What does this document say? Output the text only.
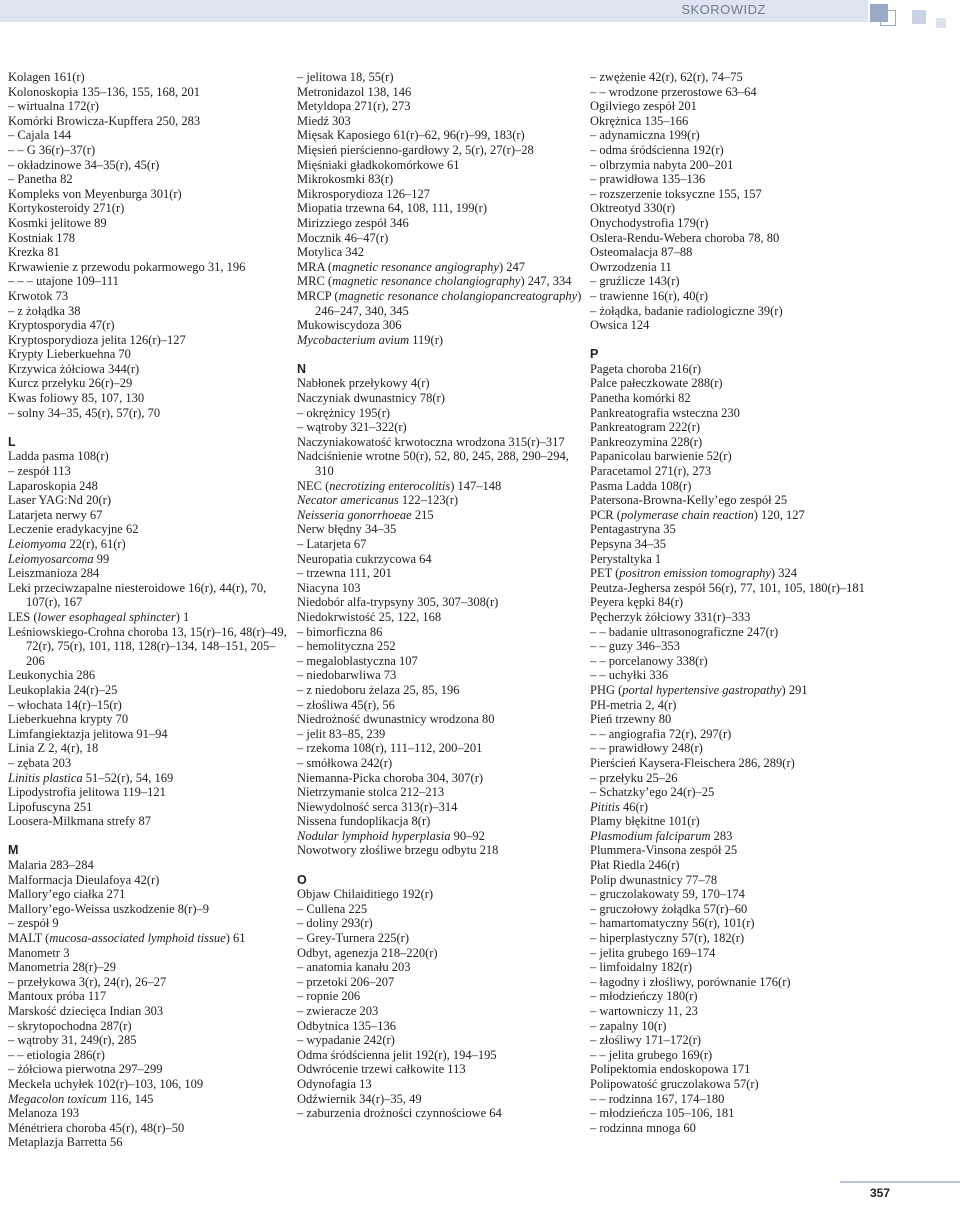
SKOROWIDZ
Kolagen 161(r)
Kolonoskopia 135–136, 155, 168, 201
– wirtualna 172(r)
Komórki Browicza-Kupffera 250, 283
– Cajala 144
– – G 36(r)–37(r)
– okładzinowe 34–35(r), 45(r)
– Panetha 82
Kompleks von Meyenburga 301(r)
Kortykosteroidy 271(r)
Kosmki jelitowe 89
Kostniak 178
Krezka 81
Krwawienie z przewodu pokarmowego 31, 196
– – – utajone 109–111
Krwotok 73
– z żołądka 38
Kryptosporydia 47(r)
Kryptosporydioza jelita 126(r)–127
Krypty Lieberkuehna 70
Krzywica żółciowa 344(r)
Kurcz przełyku 26(r)–29
Kwas foliowy 85, 107, 130
– solny 34–35, 45(r), 57(r), 70
L
Ladda pasma 108(r)
– zespół 113
Laparoskopia 248
Laser YAG:Nd 20(r)
Latarjeta nerwy 67
Leczenie eradykacyjne 62
Leiomyoma 22(r), 61(r)
Leiomyosarcoma 99
Leiszmanioza 284
Leki przeciwzapalne niesteroidowe 16(r), 44(r), 70, 107(r), 167
LES (lower esophageal sphincter) 1
Leśniowskiego-Crohna choroba 13, 15(r)–16, 48(r)–49, 72(r), 75(r), 101, 118, 128(r)–134, 148–151, 205–206
Leukonychia 286
Leukoplakia 24(r)–25
– włochata 14(r)–15(r)
Lieberkuehna krypty 70
Limfangiektazja jelitowa 91–94
Linia Z 2, 4(r), 18
– zębata 203
Linitis plastica 51–52(r), 54, 169
Lipodystrofia jelitowa 119–121
Lipofuscyna 251
Loosera-Milkmana strefy 87
M
Malaria 283–284
Malformacja Dieulafoya 42(r)
Mallory’ego ciałka 271
Mallory’ego-Weissa uszkodzenie 8(r)–9
– zespół 9
MALT (mucosa-associated lymphoid tissue) 61
Manometr 3
Manometria 28(r)–29
– przełykowa 3(r), 24(r), 26–27
Mantoux próba 117
Marskość dziecięca Indian 303
– skrytopochodna 287(r)
– wątroby 31, 249(r), 285
– – etiologia 286(r)
– żółciowa pierwotna 297–299
Meckela uchyłek 102(r)–103, 106, 109
Megacolon toxicum 116, 145
Melanoza 193
Ménétriera choroba 45(r), 48(r)–50
Metaplazja Barretta 56
– jelitowa 18, 55(r)
Metronidazol 138, 146
Metyldopa 271(r), 273
Miedź 303
Mięsak Kaposiego 61(r)–62, 96(r)–99, 183(r)
Mięsień pierścienno-gardłowy 2, 5(r), 27(r)–28
Mięśniaki gładkokomórkowe 61
Mikrokosmki 83(r)
Mikrosporydioza 126–127
Miopatia trzewna 64, 108, 111, 199(r)
Mirizziego zespół 346
Mocznik 46–47(r)
Motylica 342
MRA (magnetic resonance angiography) 247
MRC (magnetic resonance cholangiography) 247, 334
MRCP (magnetic resonance cholangiopancreatography) 246–247, 340, 345
Mukowiscydoza 306
Mycobacterium avium 119(r)
N
Nabłonek przełykowy 4(r)
Naczyniak dwunastnicy 78(r)
– okrężnicy 195(r)
– wątroby 321–322(r)
Naczyniakowatość krwotoczna wrodzona 315(r)–317
Nadciśnienie wrotne 50(r), 52, 80, 245, 288, 290–294, 310
NEC (necrotizing enterocolitis) 147–148
Necator americanus 122–123(r)
Neisseria gonorrhoeae 215
Nerw błędny 34–35
– Latarjeta 67
Neuropatia cukrzycowa 64
– trzewna 111, 201
Niacyna 103
Niedobór alfa-trypsyny 305, 307–308(r)
Niedokrwistość 25, 122, 168
– bimorficzna 86
– hemolityczna 252
– megaloblastyczna 107
– niedobarwliwa 73
– z niedoboru żelaza 25, 85, 196
– złośliwa 45(r), 56
Niedrożność dwunastnicy wrodzona 80
– jelit 83–85, 239
– rzekoma 108(r), 111–112, 200–201
– smółkowa 242(r)
Niemanna-Picka choroba 304, 307(r)
Nietrzymanie stolca 212–213
Niewydolność serca 313(r)–314
Nissena fundoplikacja 8(r)
Nodular lymphoid hyperplasia 90–92
Nowotwory złośliwe brzegu odbytu 218
O
Objaw Chilaiditiego 192(r)
– Cullena 225
– doliny 293(r)
– Grey-Turnera 225(r)
Odbyt, agenezja 218–220(r)
– anatomia kanału 203
– przetoki 206–207
– ropnie 206
– zwieracze 203
Odbytnica 135–136
– wypadanie 242(r)
Odma śródścienna jelit 192(r), 194–195
Odwrócenie trzewi całkowite 113
Odynofagia 13
Odźwiernik 34(r)–35, 49
– zaburzenia drożności czynnościowe 64
– zwężenie 42(r), 62(r), 74–75
– – wrodzone przerostowe 63–64
Ogilviego zespół 201
Okrężnica 135–166
– adynamiczna 199(r)
– odma śródścienna 192(r)
– olbrzymia nabyta 200–201
– prawidłowa 135–136
– rozszerzenie toksyczne 155, 157
Oktreotyd 330(r)
Onychodystrofia 179(r)
Oslera-Rendu-Webera choroba 78, 80
Osteomalacja 87–88
Owrzodzenia 11
– gruźlicze 143(r)
– trawienne 16(r), 40(r)
– żołądka, badanie radiologiczne 39(r)
Owsica 124
P
Pageta choroba 216(r)
Palce pałeczkowate 288(r)
Panetha komórki 82
Pankreatografia wsteczna 230
Pankreatogram 222(r)
Pankreozymina 228(r)
Papanicolau barwienie 52(r)
Paracetamol 271(r), 273
Pasma Ladda 108(r)
Patersona-Browna-Kelly’ego zespół 25
PCR (polymerase chain reaction) 120, 127
Pentagastryna 35
Pepsyna 34–35
Perystaltyka 1
PET (positron emission tomography) 324
Peutza-Jeghersa zespół 56(r), 77, 101, 105, 180(r)–181
Peyera kępki 84(r)
Pęcherzyk żółciowy 331(r)–333
– – badanie ultrasonograficzne 247(r)
– – guzy 346–353
– – porcelanowy 338(r)
– – uchyłki 336
PHG (portal hypertensive gastropathy) 291
PH-metria 2, 4(r)
Pień trzewny 80
– – angiografia 72(r), 297(r)
– – prawidłowy 248(r)
Pierścień Kaysera-Fleischera 286, 289(r)
– przełyku 25–26
– Schatzky’ego 24(r)–25
Pititis 46(r)
Plamy błękitne 101(r)
Plasmodium falciparum 283
Plummera-Vinsona zespół 25
Płat Riedla 246(r)
Polip dwunastnicy 77–78
– gruczolakowaty 59, 170–174
– gruczołowy żołądka 57(r)–60
– hamartomatyczny 56(r), 101(r)
– hiperplastyczny 57(r), 182(r)
– jelita grubego 169–174
– limfoidalny 182(r)
– łagodny i złośliwy, porównanie 176(r)
– młodzieńczy 180(r)
– wartowniczy 11, 23
– zapalny 10(r)
– złośliwy 171–172(r)
– – jelita grubego 169(r)
Polipektomia endoskopowa 171
Polipowatość gruczolakowa 57(r)
– – rodzinna 167, 174–180
– młodzieńcza 105–106, 181
– rodzinna mnoga 60
357
